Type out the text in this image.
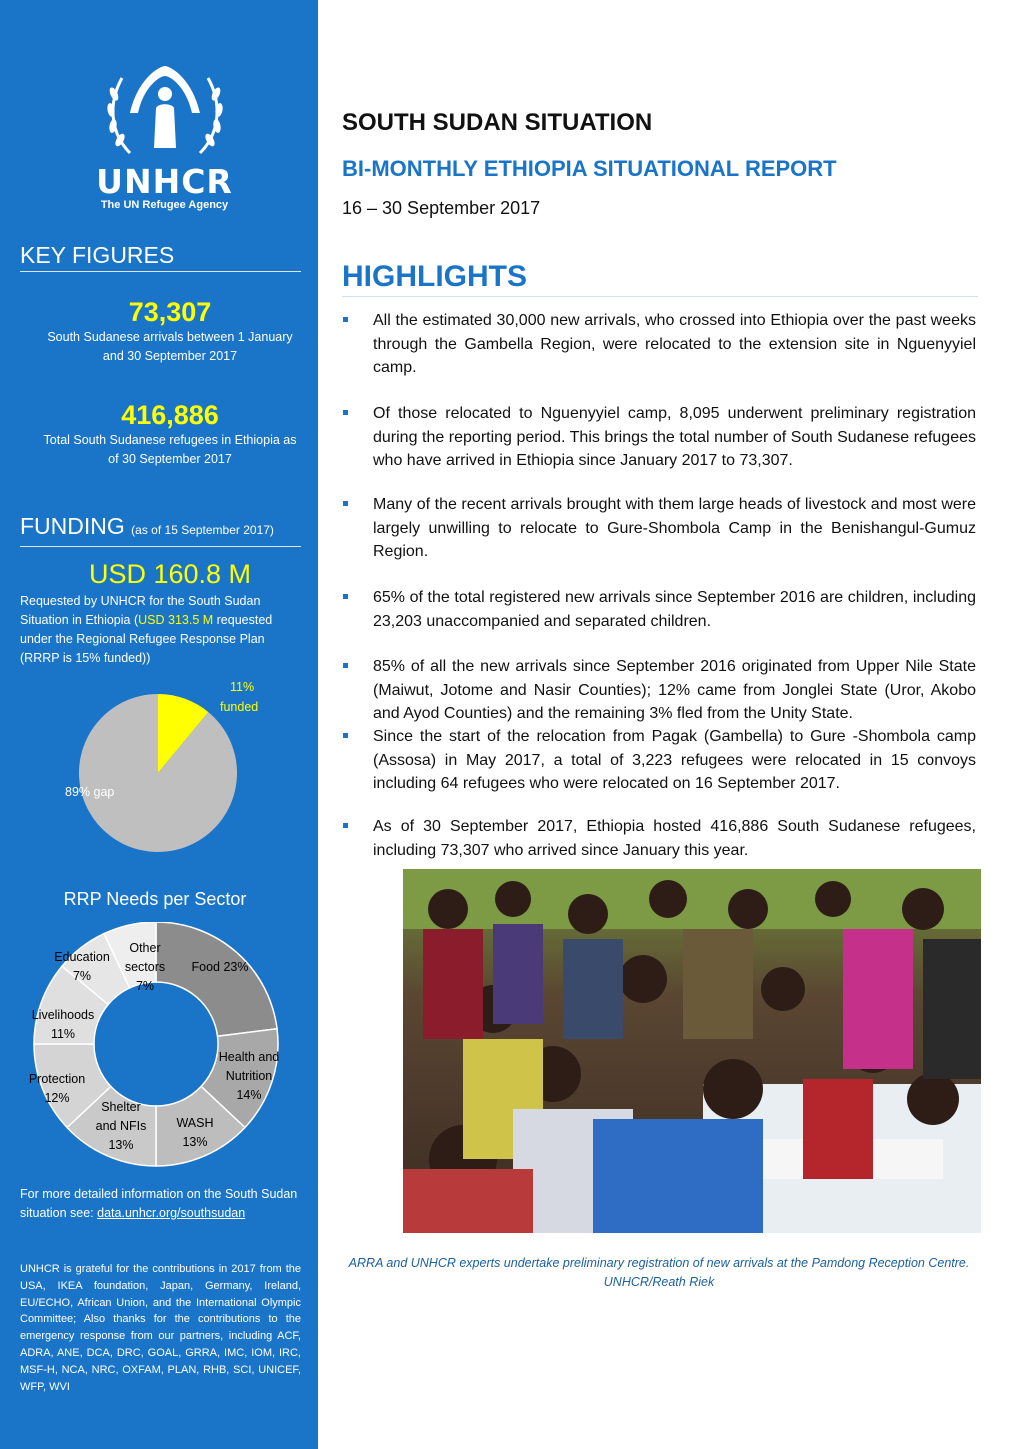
UNHCR
The UN Refugee Agency
KEY FIGURES
73,307
South Sudanese arrivals between 1 January and 30 September 2017
416,886
Total South Sudanese refugees in Ethiopia as of 30 September 2017
FUNDING (as of 15 September 2017)
USD 160.8 M
Requested by UNHCR for the South Sudan Situation in Ethiopia (USD 313.5 M requested under the Regional Refugee Response Plan (RRRP is 15% funded))
11%
funded
89% gap
RRP Needs per Sector
Food 23%
Health and Nutrition 14%
WASH 13%
Shelter and NFIs 13%
Protection 12%
Livelihoods 11%
Education 7%
Other sectors 7%
For more detailed information on the South Sudan situation see: data.unhcr.org/southsudan
UNHCR is grateful for the contributions in 2017 from the USA, IKEA foundation, Japan, Germany, Ireland, EU/ECHO, African Union, and the International Olympic Committee; Also thanks for the contributions to the emergency response from our partners, including ACF, ADRA, ANE, DCA, DRC, GOAL, GRRA, IMC, IOM, IRC, MSF-H, NCA, NRC, OXFAM, PLAN, RHB, SCI, UNICEF, WFP, WVI
SOUTH SUDAN SITUATION
BI-MONTHLY ETHIOPIA SITUATIONAL REPORT
16 – 30 September 2017
HIGHLIGHTS
All the estimated 30,000 new arrivals, who crossed into Ethiopia over the past weeks through the Gambella Region, were relocated to the extension site in Nguenyyiel camp.
Of those relocated to Nguenyyiel camp, 8,095 underwent preliminary registration during the reporting period. This brings the total number of South Sudanese refugees who have arrived in Ethiopia since January 2017 to 73,307.
Many of the recent arrivals brought with them large heads of livestock and most were largely unwilling to relocate to Gure-Shombola Camp in the Benishangul-Gumuz Region.
65% of the total registered new arrivals since September 2016 are children, including 23,203 unaccompanied and separated children.
85% of all the new arrivals since September 2016 originated from Upper Nile State (Maiwut, Jotome and Nasir Counties); 12% came from Jonglei State (Uror, Akobo and Ayod Counties) and the remaining 3% fled from the Unity State.
Since the start of the relocation from Pagak (Gambella) to Gure -Shombola camp (Assosa) in May 2017, a total of 3,223 refugees were relocated in 15 convoys including 64 refugees who were relocated on 16 September 2017.
As of 30 September 2017, Ethiopia hosted 416,886 South Sudanese refugees, including 73,307 who arrived since January this year.
ARRA and UNHCR experts undertake preliminary registration of new arrivals at the Pamdong Reception Centre. UNHCR/Reath Riek
